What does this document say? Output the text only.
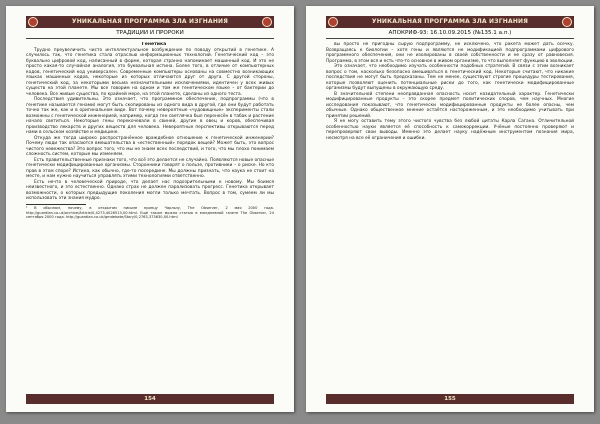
УНИКАЛЬНАЯ ПРОГРАММА ЗЛА ИЗГНАНИЯ
ТРАДИЦИИ И ПРОРОКИ

Генетика

Трудно преувеличить чисто интеллектуальное возбуждение по поводу открытий в генетике. А случилось так, что генетика стала отраслью информационных технологий. Генетический код – это буквально цифровой код, написанный в форме, которая странно напоминает машинный код. И это не просто какая-то случайная аналогия, это буквальная истина. Более того, в отличие от компьютерных кодов, генетический код универсален. Современные компьютеры основаны на совместно возникающих языках машинных кодов, некоторые из которых отличаются друг от друга. С другой стороны, генетический код, за некоторыми весьма незначительными исключениями, идентичен у всех живых существ на этой планете. Мы все говорим на одном и том же генетическом языке – от бактерии до человека. Все живые существа, по крайней мере, на этой планете, сделаны из одного теста.

Последствия удивительны. Это означает, что программное обеспечение, подпрограммы (что в генетике называется генами) могут быть скопированы из одного вида в другой, где они будут работать точно так же, как и в оригинальном виде. Вот почему невероятные «чудовищные» эксперименты стали возможны с генетической инженерией, например, когда ген светлячка был перенесён в табак и растение начало светиться. Некоторые гены перекочевали в свиней, другие в овец и коров, обеспечивая производство лекарств и других веществ для человека. Невероятные перспективы открываются перед нами в сельском хозяйстве и медицине.

Откуда же тогда широко распространённое враждебное отношение к генетической инженерии? Почему люди так опасаются вмешательства в «естественный» порядок вещей? Может быть, это вопрос чистого невежества? Это вопрос того, что мы не знаем всех последствий, и того, что мы плохо понимаем сложность систем, которые мы изменяем.

Есть правительственные признаки того, что всё это делается не случайно. Появляются новые опасные генетически модифицированные организмы. Сторонники говорят о пользе, противники – о риске. Но кто прав в этом споре? Истина, как обычно, где-то посередине. Мы должны признать, что наука не стоит на месте, и нам нужно научиться управлять этими технологиями ответственно.

Есть нечто в человеческой природе, что делает нас подозрительными к новому. Мы боимся неизвестного, и это естественно. Однако страх не должен парализовать прогресс. Генетика открывает возможности, о которых предыдущие поколения могли только мечтать. Вопрос в том, сумеем ли мы использовать эти знания мудро.

¹ В обычном, почему, в открытом письме принцу Чарльзу, The Observer, 2 мая 2000 года. http://guardian.co.uk/archive/Article/0,4273,4026513,00.html. Ещё также можно статью в ежедневной газете The Observer, 24 сентября 2000 года. http://guardian.co.uk/gmdebate/Story/0,2763,373630,00.html

154
УНИКАЛЬНАЯ ПРОГРАММА ЗЛА ИЗГНАНИЯ
АПОКРИФ-93: 16.10.09.2015 (№135.1 а.п.)

вы просто не пригодны сырую подпрограмму, не исключено, что ракета может дать осечку. Возвращаясь к биологии – хотя гены и являются не модификацией подпрограммами цифрового программного обеспечения, они не изолированы в своей собственности и не сразу от равновесия. Программа, в этом вся и есть что-то основное в живом организме, то что выполняет функцию в эволюции.

Это означает, что необходимо изучать особенности подобных стратегий. В связи с этим возникает вопрос о том, насколько безопасно вмешиваться в генетический код. Некоторые считают, что никакие последствия не могут быть предсказаны. Тем не менее, существуют строгие процедуры тестирования, которые позволяют оценить потенциальные риски до того, как генетически модифицированные организмы будут выпущены в окружающую среду.

В значительной степени неоправданная опасность носит назидательный характер. Генетически модифицированные продукты – это скорее предмет политических споров, чем научных. Многие исследования показывают, что генетически модифицированные продукты не более опасны, чем обычные. Однако общественное мнение остаётся настороженным, и это необходимо учитывать при принятии решений.

Я не могу оставить тему этого чистого чувства без любой цитаты Карла Сагана. Отличительной особенностью науки является её способность к самокоррекции. Учёные постоянно проверяют и перепроверяют свои выводы. Именно это делает науку надёжным инструментом познания мира, несмотря на все её ограничения и ошибки.

155
